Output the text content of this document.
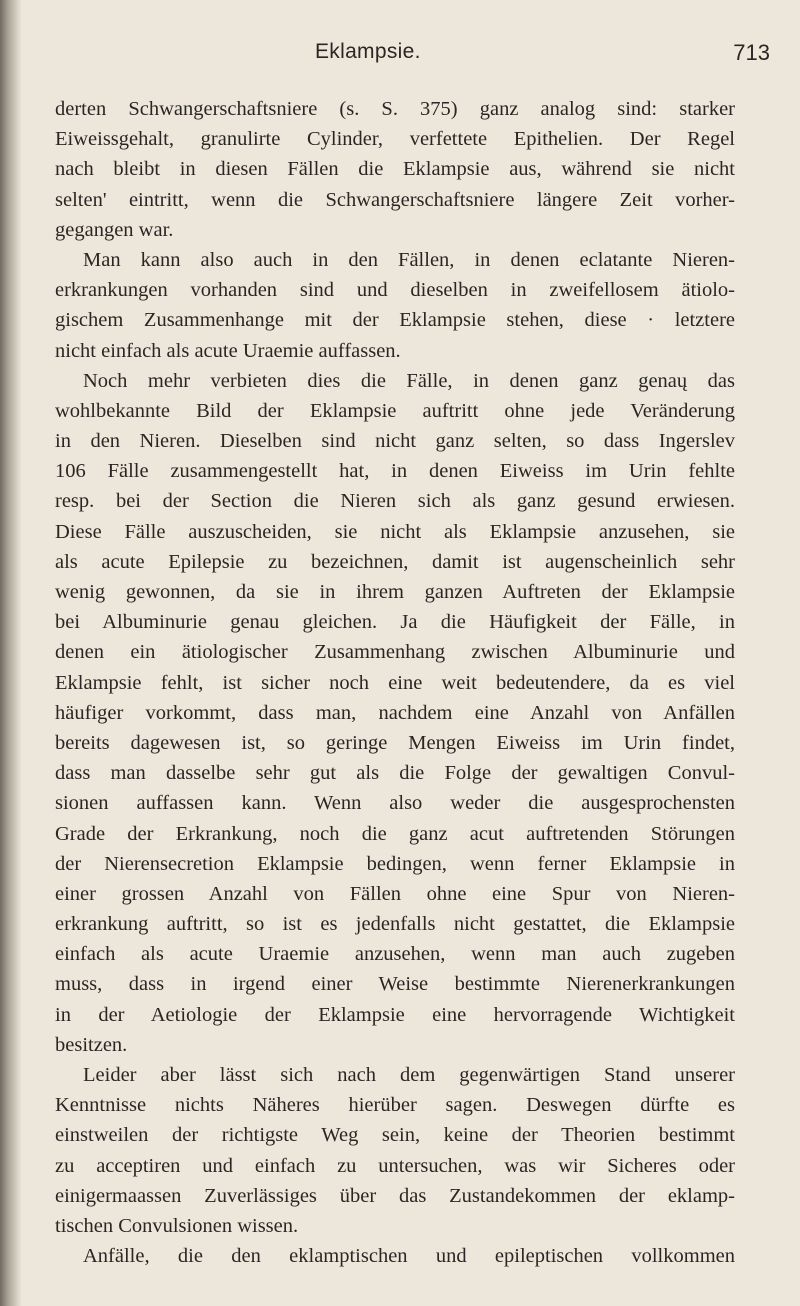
Eklampsie.	713
derten Schwangerschaftsniere (s. S. 375) ganz analog sind: starker
Eiweissgehalt, granulirte Cylinder, verfettete Epithelien. Der Regel
nach bleibt in diesen Fällen die Eklampsie aus, während sie nicht
selten' eintritt, wenn die Schwangerschaftsniere längere Zeit vorher-
gegangen war.
Man kann also auch in den Fällen, in denen eclatante Nieren-
erkrankungen vorhanden sind und dieselben in zweifellosem ätiolo-
gischem Zusammenhange mit der Eklampsie stehen, diese · letztere
nicht einfach als acute Uraemie auffassen.
Noch mehr verbieten dies die Fälle, in denen ganz genaų das
wohlbekannte Bild der Eklampsie auftritt ohne jede Veränderung
in den Nieren. Dieselben sind nicht ganz selten, so dass Ingerslev
106 Fälle zusammengestellt hat, in denen Eiweiss im Urin fehlte
resp. bei der Section die Nieren sich als ganz gesund erwiesen.
Diese Fälle auszuscheiden, sie nicht als Eklampsie anzusehen, sie
als acute Epilepsie zu bezeichnen, damit ist augenscheinlich sehr
wenig gewonnen, da sie in ihrem ganzen Auftreten der Eklampsie
bei Albuminurie genau gleichen. Ja die Häufigkeit der Fälle, in
denen ein ätiologischer Zusammenhang zwischen Albuminurie und
Eklampsie fehlt, ist sicher noch eine weit bedeutendere, da es viel
häufiger vorkommt, dass man, nachdem eine Anzahl von Anfällen
bereits dagewesen ist, so geringe Mengen Eiweiss im Urin findet,
dass man dasselbe sehr gut als die Folge der gewaltigen Convul-
sionen auffassen kann. Wenn also weder die ausgesprochensten
Grade der Erkrankung, noch die ganz acut auftretenden Störungen
der Nierensecretion Eklampsie bedingen, wenn ferner Eklampsie in
einer grossen Anzahl von Fällen ohne eine Spur von Nieren-
erkrankung auftritt, so ist es jedenfalls nicht gestattet, die Eklampsie
einfach als acute Uraemie anzusehen, wenn man auch zugeben
muss, dass in irgend einer Weise bestimmte Nierenerkrankungen
in der Aetiologie der Eklampsie eine hervorragende Wichtigkeit
besitzen.
Leider aber lässt sich nach dem gegenwärtigen Stand unserer
Kenntnisse nichts Näheres hierüber sagen. Deswegen dürfte es
einstweilen der richtigste Weg sein, keine der Theorien bestimmt
zu acceptiren und einfach zu untersuchen, was wir Sicheres oder
einigermaassen Zuverlässiges über das Zustandekommen der eklamp-
tischen Convulsionen wissen.
Anfälle, die den eklamptischen und epileptischen vollkommen
